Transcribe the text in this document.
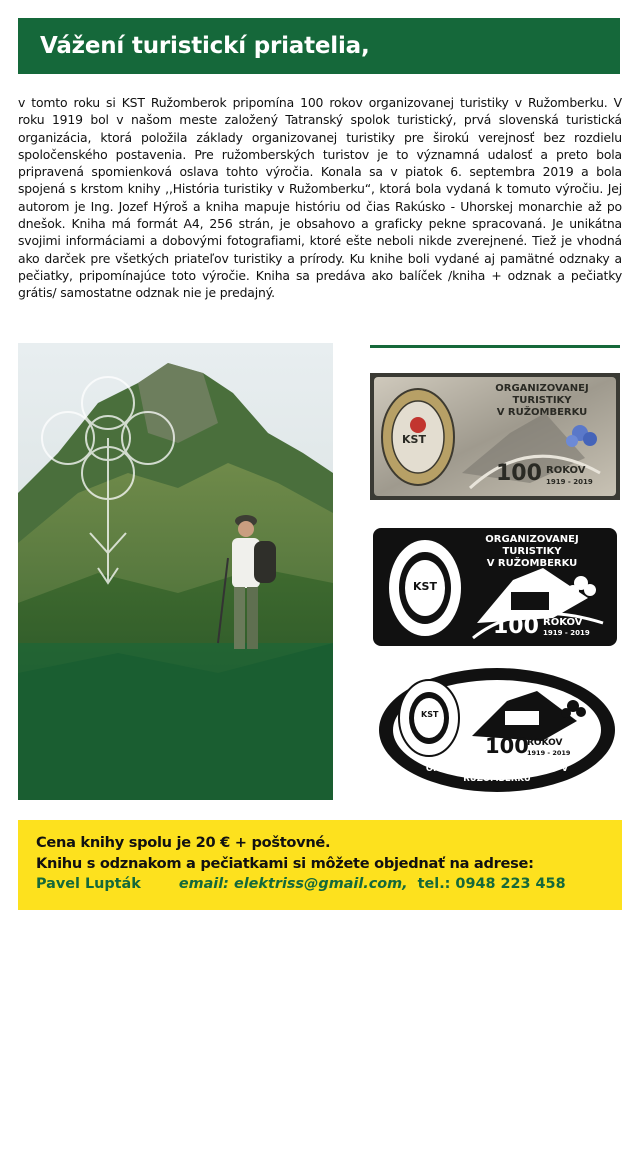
Vážení turistickí priatelia,

v tomto roku si KST Ružomberok pripomína 100 rokov organizovanej turistiky v Ružomberku. V roku 1919 bol v našom meste založený Tatranský spolok turistický, prvá slovenská turistická organizácia, ktorá položila základy organizovanej turistiky pre širokú verejnosť bez rozdielu spoločenského postavenia. Pre ružomberských turistov je to významná udalosť a preto bola pripravená spomienková oslava tohto výročia. Konala sa v piatok 6. septembra 2019 a bola spojená s krstom knihy ,,História turistiky v Ružomberku“, ktorá bola vydaná k tomuto výročiu. Jej autorom je Ing. Jozef Hýroš a kniha mapuje históriu od čias Rakúsko - Uhorskej monarchie až po dnešok. Kniha má formát A4, 256 strán, je obsahovo a graficky pekne spracovaná. Je unikátna svojimi informáciami a dobovými fotografiami, ktoré ešte neboli nikde zverejnené. Tiež je vhodná ako darček pre všetkých priateľov turistiky a prírody. Ku knihe boli vydané aj pamätné odznaky a pečiatky, pripomínajúce toto výročie. Kniha sa predáva ako balíček /kniha + odznak a pečiatky grátis/ samostatne odznak nie je predajný.

JOZEF HÝROŠ
HISTÓRIA
TURISTIKY
V RUŽOMBERKU
ORGANIZOVANEJ TURISTIKY
V RUŽOMBERKU
KST
100 ROKOV
1919 - 2019
ORGANIZOVANEJ TURISTIKY
V RUŽOMBERKU
KST
100 ROKOV
1919 - 2019
KST
100
ROKOV
1919 - 2019
ORGANIZOVANEJ TURISTIKY V RUŽOMBERKU
Cena knihy spolu je 20 € + poštovné.
Knihu s odznakom a pečiatkami si môžete objednať na adrese:
Pavel Lupták	email: elektriss@gmail.com, tel.: 0948 223 458
